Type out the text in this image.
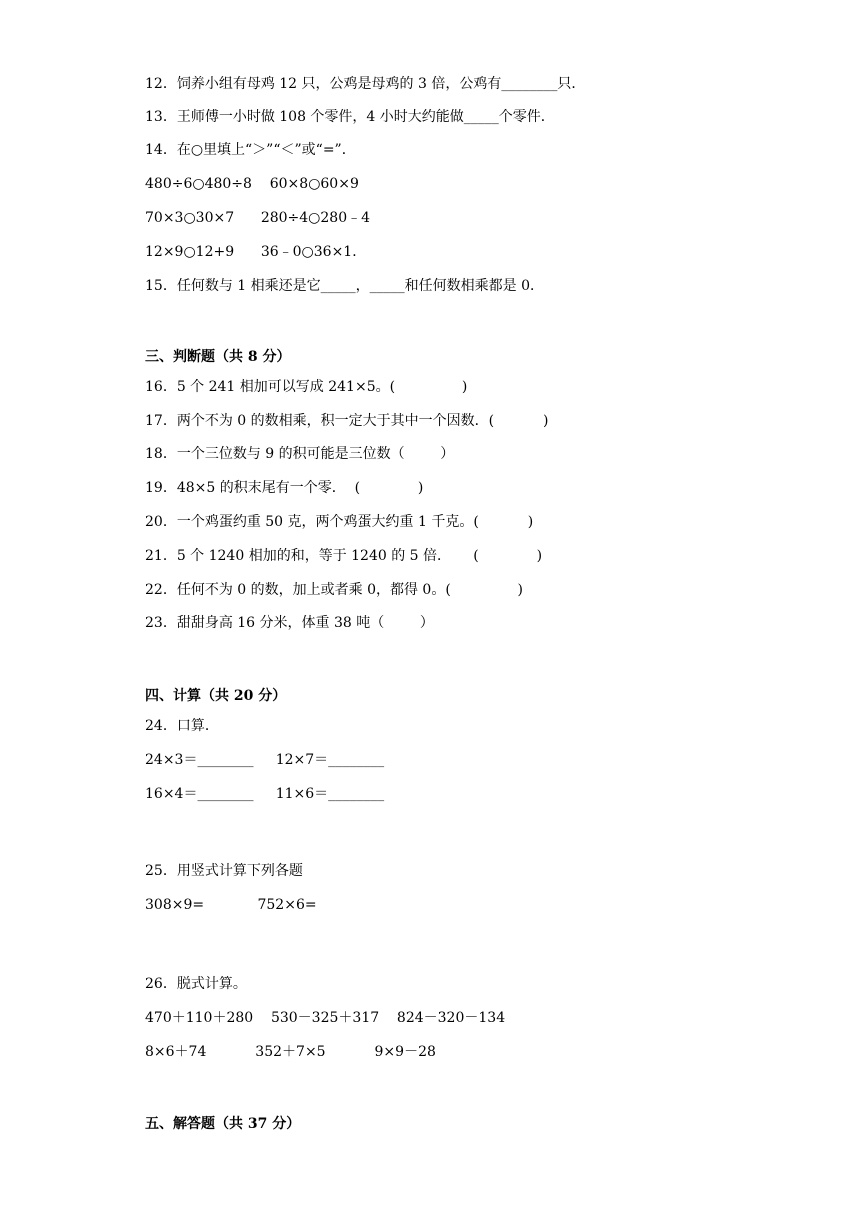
12．饲养小组有母鸡 12 只，公鸡是母鸡的 3 倍，公鸡有________只．
13．王师傅一小时做 108 个零件，4 小时大约能做_____个零件．
14．在○里填上“＞”“＜”或“=”．
480÷6○480÷8    60×8○60×9
70×3○30×7      280÷4○280﹣4
12×9○12+9      36﹣0○36×1．
15．任何数与 1 相乘还是它_____，_____和任何数相乘都是 0．
三、判断题（共 8 分）
16．5 个 241 相加可以写成 241×5。(               )
17．两个不为 0 的数相乘，积一定大于其中一个因数．(           )
18．一个三位数与 9 的积可能是三位数（        ）
19．48×5 的积末尾有一个零．  (             )
20．一个鸡蛋约重 50 克，两个鸡蛋大约重 1 千克。(           )
21．5 个 1240 相加的和，等于 1240 的 5 倍．     (             )
22．任何不为 0 的数，加上或者乘 0，都得 0。(               )
23．甜甜身高 16 分米，体重 38 吨（        ）
四、计算（共 20 分）
24．口算．
24×3＝________     12×7＝________
16×4＝________     11×6＝________
25．用竖式计算下列各题
308×9=            752×6=
26．脱式计算。
470＋110＋280    530－325＋317    824－320－134
8×6＋74           352＋7×5           9×9－28
五、解答题（共 37 分）
